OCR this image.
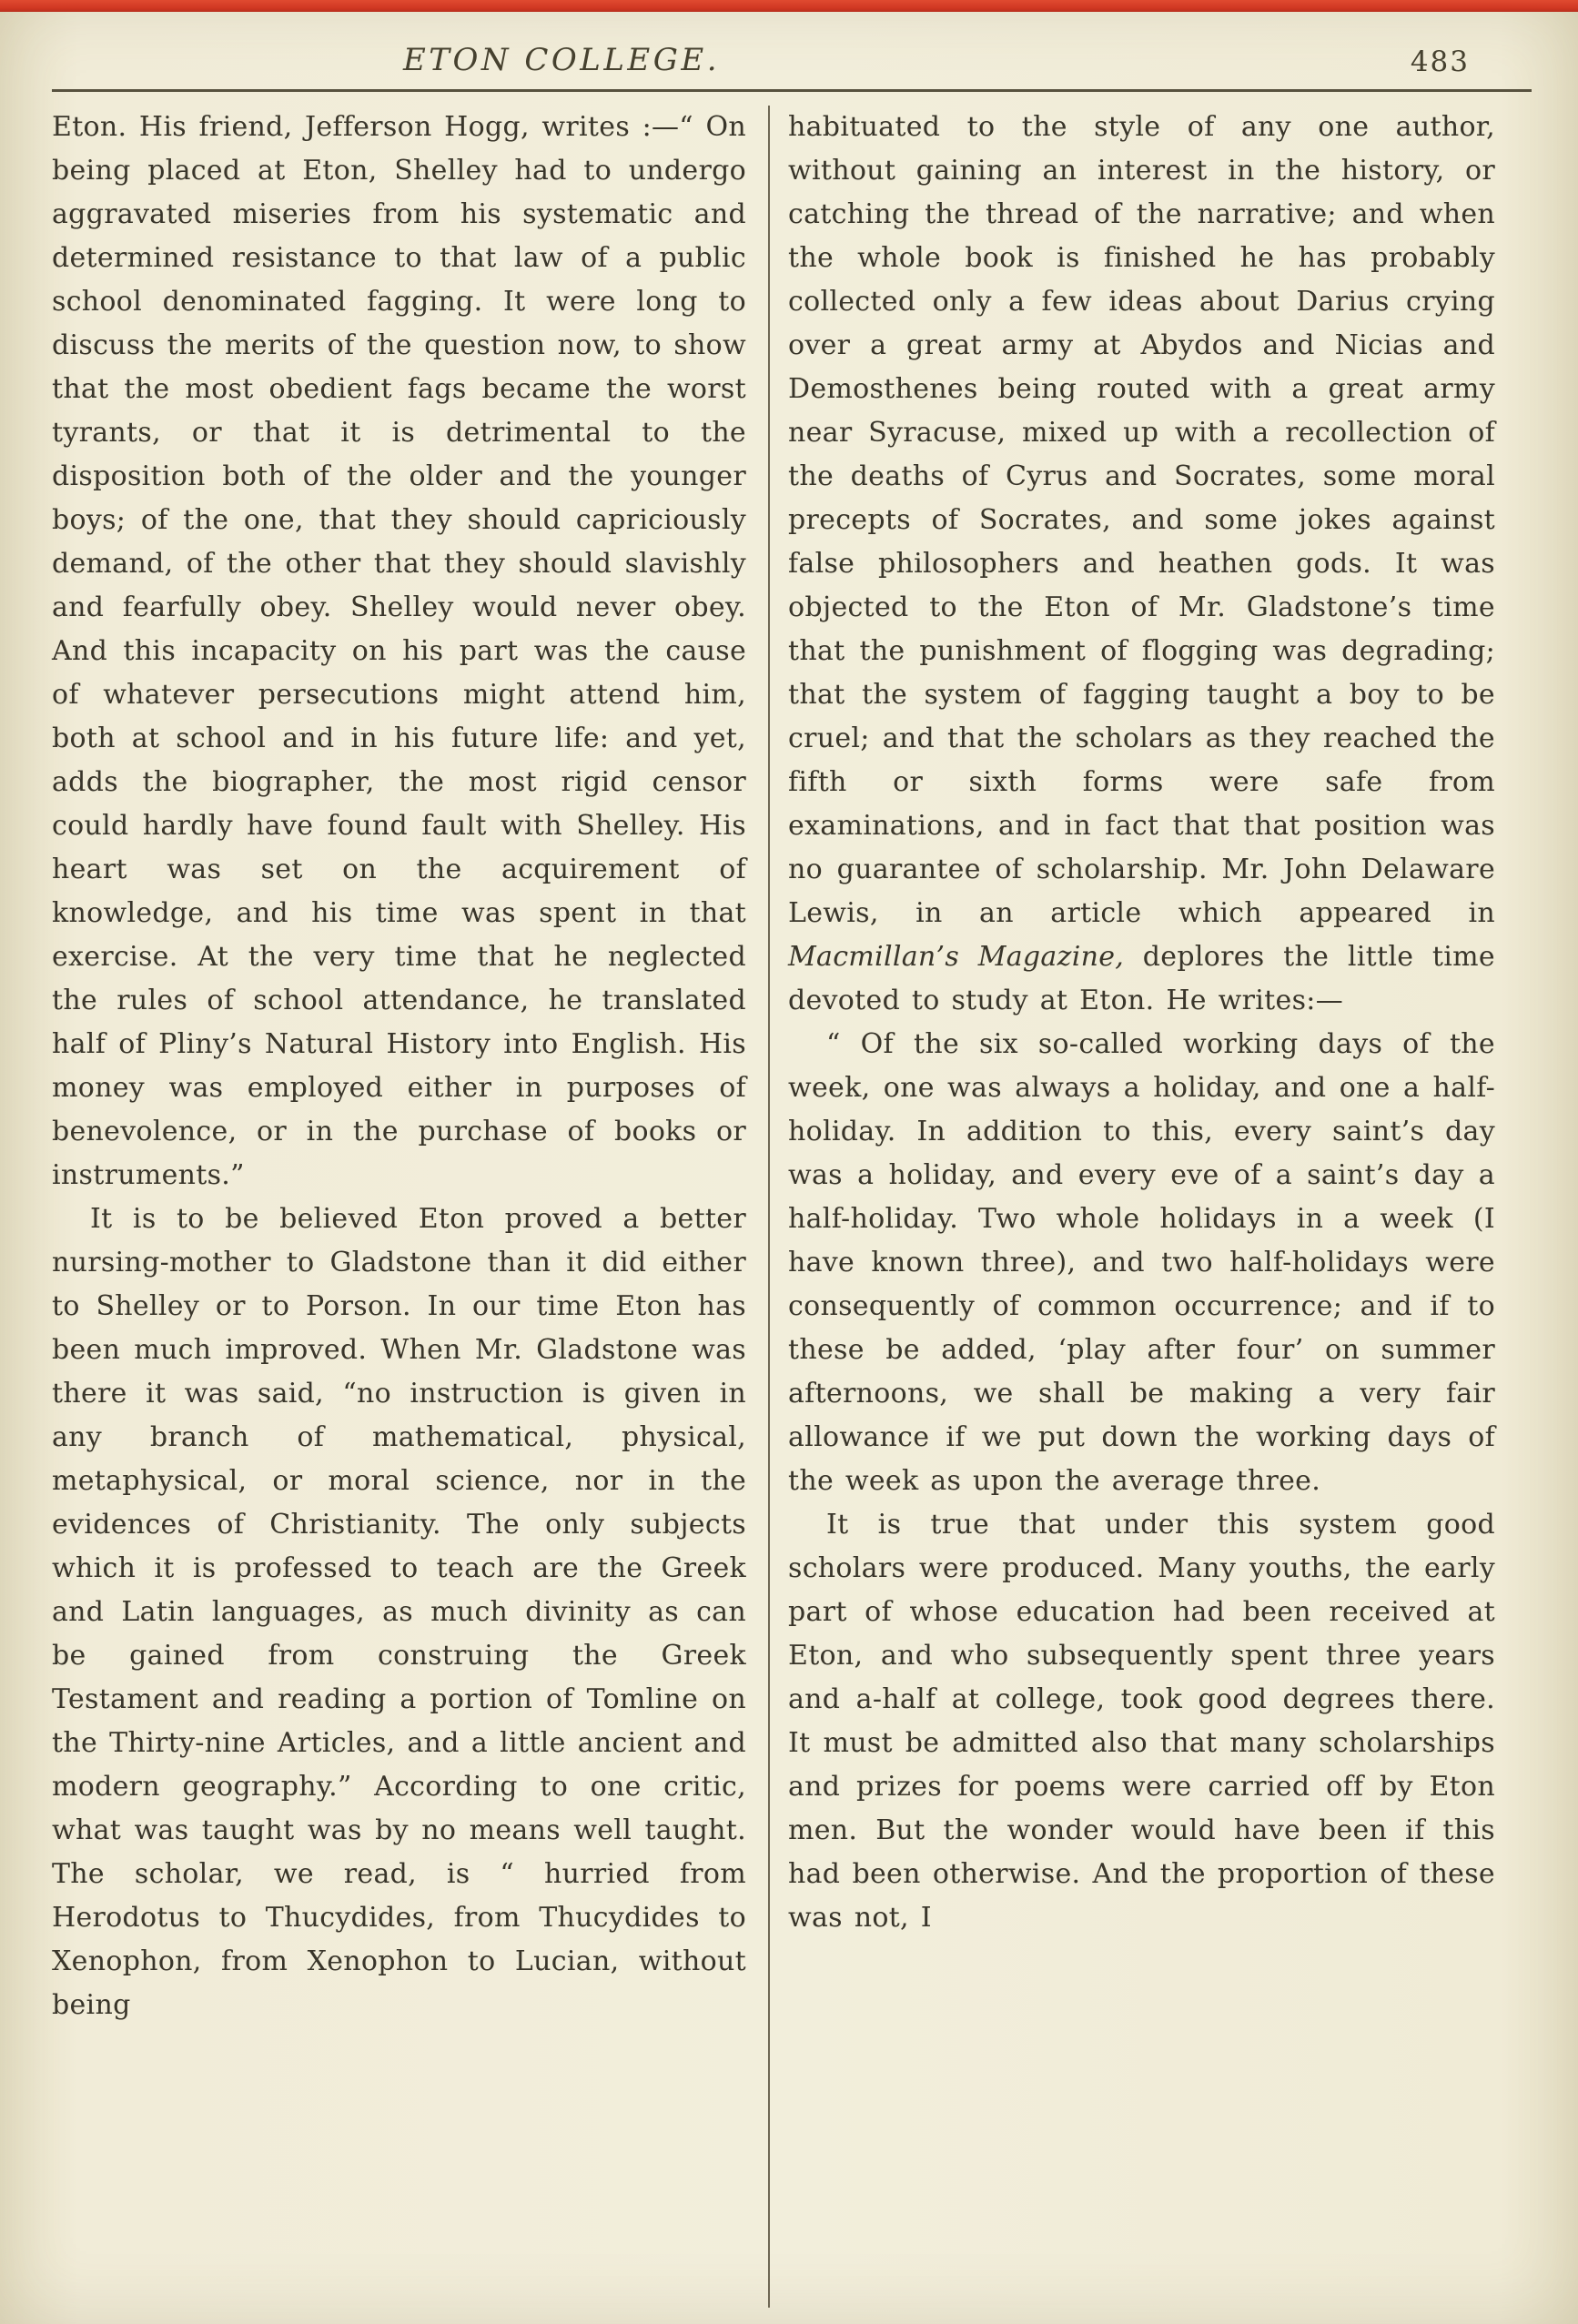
ETON COLLEGE.	483

Eton. His friend, Jefferson Hogg, writes :—“ On being placed at Eton, Shelley had to undergo aggravated miseries from his systematic and determined resistance to that law of a public school denominated fagging. It were long to discuss the merits of the question now, to show that the most obedient fags became the worst tyrants, or that it is detrimental to the disposition both of the older and the younger boys; of the one, that they should capriciously demand, of the other that they should slavishly and fearfully obey. Shelley would never obey. And this incapacity on his part was the cause of whatever persecutions might attend him, both at school and in his future life: and yet, adds the biographer, the most rigid censor could hardly have found fault with Shelley. His heart was set on the acquirement of knowledge, and his time was spent in that exercise. At the very time that he neglected the rules of school attendance, he translated half of Pliny’s Natural History into English. His money was employed either in purposes of benevolence, or in the purchase of books or instruments.”

It is to be believed Eton proved a better nursing-mother to Gladstone than it did either to Shelley or to Porson. In our time Eton has been much improved. When Mr. Gladstone was there it was said, “no instruction is given in any branch of mathematical, physical, metaphysical, or moral science, nor in the evidences of Christianity. The only subjects which it is professed to teach are the Greek and Latin languages, as much divinity as can be gained from construing the Greek Testament and reading a portion of Tomline on the Thirty-nine Articles, and a little ancient and modern geography.” According to one critic, what was taught was by no means well taught. The scholar, we read, is “ hurried from Herodotus to Thucydides, from Thucydides to Xenophon, from Xenophon to Lucian, without being

habituated to the style of any one author, without gaining an interest in the history, or catching the thread of the narrative; and when the whole book is finished he has probably collected only a few ideas about Darius crying over a great army at Abydos and Nicias and Demosthenes being routed with a great army near Syracuse, mixed up with a recollection of the deaths of Cyrus and Socrates, some moral precepts of Socrates, and some jokes against false philosophers and heathen gods. It was objected to the Eton of Mr. Gladstone’s time that the punishment of flogging was degrading; that the system of fagging taught a boy to be cruel; and that the scholars as they reached the fifth or sixth forms were safe from examinations, and in fact that that position was no guarantee of scholarship. Mr. John Delaware Lewis, in an article which appeared in Macmillan’s Magazine, deplores the little time devoted to study at Eton. He writes:—

“ Of the six so-called working days of the week, one was always a holiday, and one a half-holiday. In addition to this, every saint’s day was a holiday, and every eve of a saint’s day a half-holiday. Two whole holidays in a week (I have known three), and two half-holidays were consequently of common occurrence; and if to these be added, ‘play after four’ on summer afternoons, we shall be making a very fair allowance if we put down the working days of the week as upon the average three.

It is true that under this system good scholars were produced. Many youths, the early part of whose education had been received at Eton, and who subsequently spent three years and a-half at college, took good degrees there. It must be admitted also that many scholarships and prizes for poems were carried off by Eton men. But the wonder would have been if this had been otherwise. And the proportion of these was not, I
